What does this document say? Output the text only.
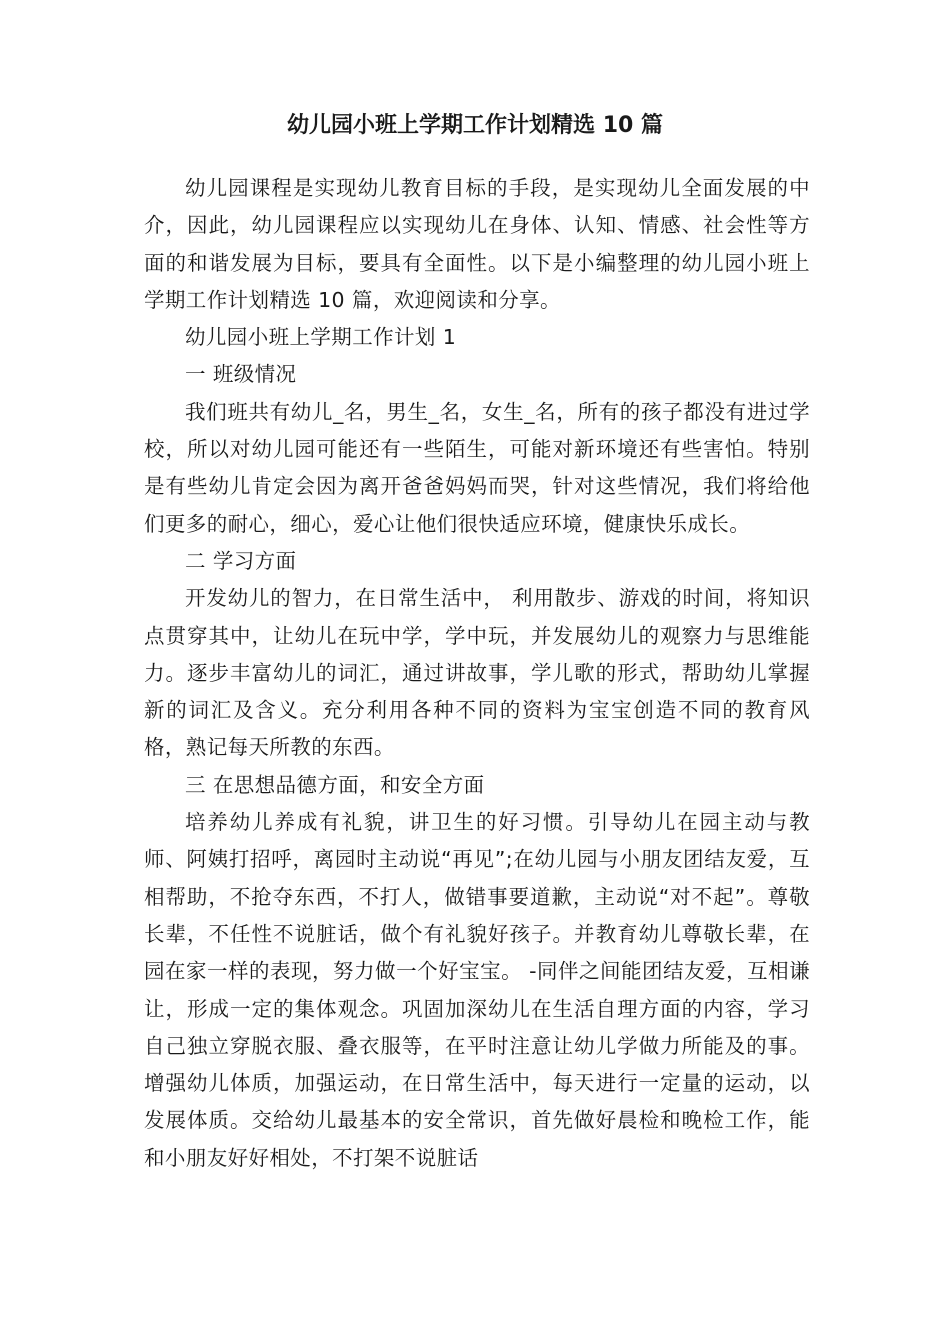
幼儿园小班上学期工作计划精选 10 篇

幼儿园课程是实现幼儿教育目标的手段，是实现幼儿全面发展的中介，因此，幼儿园课程应以实现幼儿在身体、认知、情感、社会性等方面的和谐发展为目标，要具有全面性。以下是小编整理的幼儿园小班上学期工作计划精选 10 篇，欢迎阅读和分享。

幼儿园小班上学期工作计划 1

一 班级情况

我们班共有幼儿_名，男生_名，女生_名，所有的孩子都没有进过学校，所以对幼儿园可能还有一些陌生，可能对新环境还有些害怕。特别是有些幼儿肯定会因为离开爸爸妈妈而哭，针对这些情况，我们将给他们更多的耐心，细心，爱心让他们很快适应环境，健康快乐成长。

二 学习方面

开发幼儿的智力，在日常生活中， 利用散步、游戏的时间，将知识点贯穿其中，让幼儿在玩中学，学中玩，并发展幼儿的观察力与思维能力。逐步丰富幼儿的词汇，通过讲故事，学儿歌的形式，帮助幼儿掌握新的词汇及含义。充分利用各种不同的资料为宝宝创造不同的教育风格，熟记每天所教的东西。

三 在思想品德方面，和安全方面

培养幼儿养成有礼貌，讲卫生的好习惯。引导幼儿在园主动与教师、阿姨打招呼，离园时主动说“再见”;在幼儿园与小朋友团结友爱，互相帮助，不抢夺东西，不打人，做错事要道歉，主动说“对不起”。尊敬长辈，不任性不说脏话，做个有礼貌好孩子。并教育幼儿尊敬长辈，在园在家一样的表现，努力做一个好宝宝。 -同伴之间能团结友爱，互相谦让，形成一定的集体观念。巩固加深幼儿在生活自理方面的内容，学习自己独立穿脱衣服、叠衣服等，在平时注意让幼儿学做力所能及的事。增强幼儿体质，加强运动，在日常生活中，每天进行一定量的运动，以发展体质。交给幼儿最基本的安全常识，首先做好晨检和晚检工作，能和小朋友好好相处，不打架不说脏话
